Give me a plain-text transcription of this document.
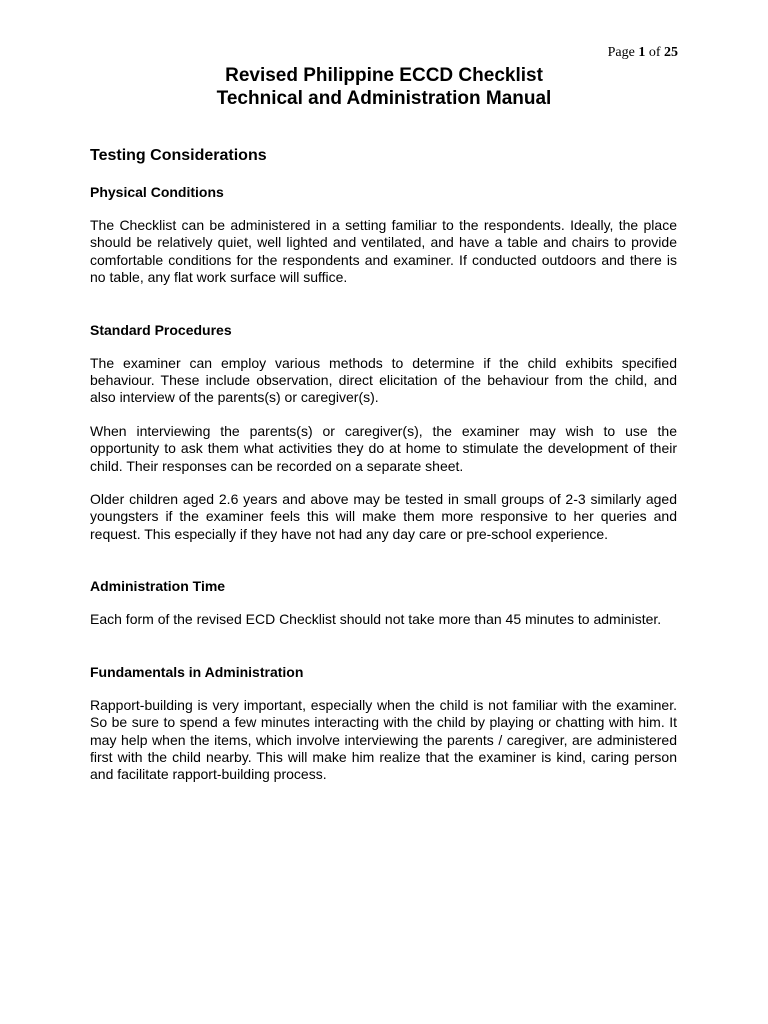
Page 1 of 25

Revised Philippine ECCD Checklist

Technical and Administration Manual

Testing Considerations
Physical Conditions

The Checklist can be administered in a setting familiar to the respondents. Ideally, the place should be relatively quiet, well lighted and ventilated, and have a table and chairs to provide comfortable conditions for the respondents and examiner. If conducted outdoors and there is no table, any flat work surface will suffice.

Standard Procedures

The examiner can employ various methods to determine if the child exhibits specified behaviour. These include observation, direct elicitation of the behaviour from the child, and also interview of the parents(s) or caregiver(s).

When interviewing the parents(s) or caregiver(s), the examiner may wish to use the opportunity to ask them what activities they do at home to stimulate the development of their child. Their responses can be recorded on a separate sheet.

Older children aged 2.6 years and above may be tested in small groups of 2-3 similarly aged youngsters if the examiner feels this will make them more responsive to her queries and request. This especially if they have not had any day care or pre-school experience.

Administration Time

Each form of the revised ECD Checklist should not take more than 45 minutes to administer.

Fundamentals in Administration

Rapport-building is very important, especially when the child is not familiar with the examiner. So be sure to spend a few minutes interacting with the child by playing or chatting with him. It may help when the items, which involve interviewing the parents / caregiver, are administered first with the child nearby. This will make him realize that the examiner is kind, caring person and facilitate rapport-building process.
